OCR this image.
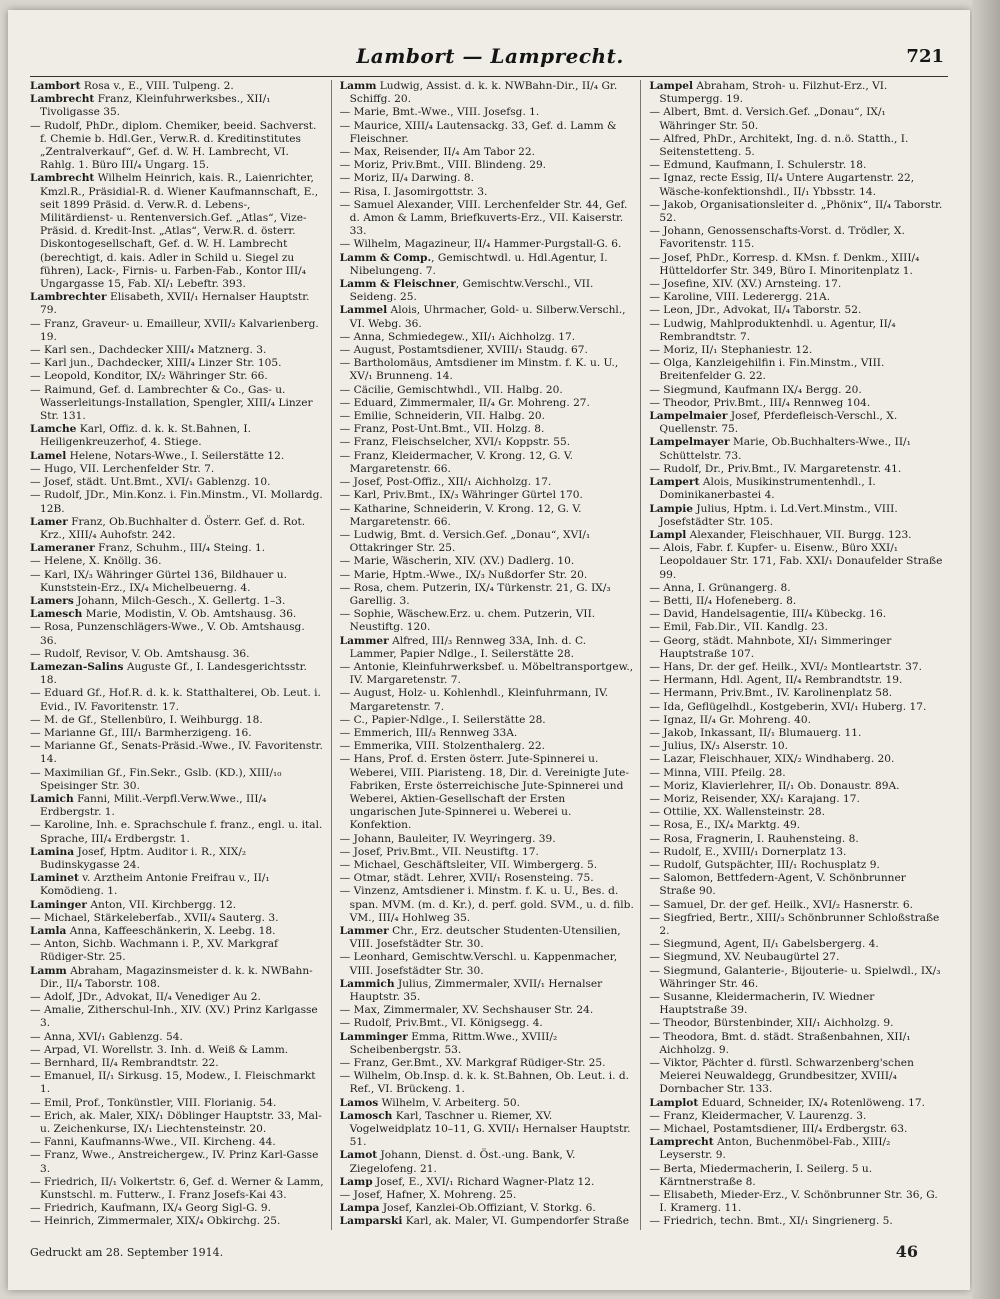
Lambort — Lamprecht.	721

Lambort Rosa v., E., VIII. Tulpeng. 2.

Lambrecht Franz, Kleinfuhrwerksbes., XII/₁ Tivoligasse 35.

— Rudolf, PhDr., diplom. Chemiker, beeid. Sachverst. f. Chemie b. Hdl.Ger., Verw.R. d. Kreditinstitutes „Zentralverkauf“, Gef. d. W. H. Lambrecht, VI. Rahlg. 1. Büro III/₄ Ungarg. 15.

Lambrecht Wilhelm Heinrich, kais. R., Laienrichter, Kmzl.R., Präsidial-R. d. Wiener Kaufmannschaft, E., seit 1899 Präsid. d. Verw.R. d. Lebens-, Militärdienst- u. Rentenversich.Gef. „Atlas“, Vize-Präsid. d. Kredit-Inst. „Atlas“, Verw.R. d. österr. Diskontogesellschaft, Gef. d. W. H. Lambrecht (berechtigt, d. kais. Adler in Schild u. Siegel zu führen), Lack-, Firnis- u. Farben-Fab., Kontor III/₄ Ungargasse 15, Fab. XI/₁ Lebeftr. 393.

Lambrechter Elisabeth, XVII/₁ Hernalser Hauptstr. 79.

— Franz, Graveur- u. Emailleur, XVII/₂ Kalvarienberg. 19.

— Karl sen., Dachdecker XIII/₄ Matznerg. 3.

— Karl jun., Dachdecker, XIII/₄ Linzer Str. 105.

— Leopold, Konditor, IX/₂ Währinger Str. 66.

— Raimund, Gef. d. Lambrechter & Co., Gas- u. Wasserleitungs-Installation, Spengler, XIII/₄ Linzer Str. 131.

Lamche Karl, Offiz. d. k. k. St.Bahnen, I. Heiligenkreuzerhof, 4. Stiege.

Lamel Helene, Notars-Wwe., I. Seilerstätte 12.

— Hugo, VII. Lerchenfelder Str. 7.

— Josef, städt. Unt.Bmt., XVI/₁ Gablenzg. 10.

— Rudolf, JDr., Min.Konz. i. Fin.Minstm., VI. Mollardg. 12B.

Lamer Franz, Ob.Buchhalter d. Österr. Gef. d. Rot. Krz., XIII/₄ Auhofstr. 242.

Lameraner Franz, Schuhm., III/₄ Steing. 1.

— Helene, X. Knöllg. 36.

— Karl, IX/₃ Währinger Gürtel 136, Bildhauer u. Kunststein-Erz., IX/₄ Michelbeuerng. 4.

Lamers Johann, Milch-Gesch., X. Gellertg. 1–3.

Lamesch Marie, Modistin, V. Ob. Amtshausg. 36.

— Rosa, Punzenschlägers-Wwe., V. Ob. Amtshausg. 36.

— Rudolf, Revisor, V. Ob. Amtshausg. 36.

Lamezan-Salins Auguste Gf., I. Landesgerichtsstr. 18.

— Eduard Gf., Hof.R. d. k. k. Statthalterei, Ob. Leut. i. Evid., IV. Favoritenstr. 17.

— M. de Gf., Stellenbüro, I. Weihburgg. 18.

— Marianne Gf., III/₁ Barmherzigeng. 16.

— Marianne Gf., Senats-Präsid.-Wwe., IV. Favoritenstr. 14.

— Maximilian Gf., Fin.Sekr., Gslb. (KD.), XIII/₁₀ Speisinger Str. 30.

Lamich Fanni, Milit.-Verpfl.Verw.Wwe., III/₄ Erdbergstr. 1.

— Karoline, Inh. e. Sprachschule f. franz., engl. u. ital. Sprache, III/₄ Erdbergstr. 1.

Lamina Josef, Hptm. Auditor i. R., XIX/₂ Budinskygasse 24.

Laminet v. Arztheim Antonie Freifrau v., II/₁ Komödieng. 1.

Laminger Anton, VII. Kirchbergg. 12.

— Michael, Stärkeleberfab., XVII/₄ Sauterg. 3.

Lamla Anna, Kaffeeschänkerin, X. Leebg. 18.

— Anton, Sichb. Wachmann i. P., XV. Markgraf Rüdiger-Str. 25.

Lamm Abraham, Magazinsmeister d. k. k. NWBahn-Dir., II/₄ Taborstr. 108.

— Adolf, JDr., Advokat, II/₄ Venediger Au 2.

— Amalie, Zitherschul-Inh., XIV. (XV.) Prinz Karlgasse 3.

— Anna, XVI/₁ Gablenzg. 54.

— Arpad, VI. Worellstr. 3. Inh. d. Weiß & Lamm.

— Bernhard, II/₄ Rembrandtstr. 22.

— Emanuel, II/₁ Sirkusg. 15, Modew., I. Fleischmarkt 1.

— Emil, Prof., Tonkünstler, VIII. Florianig. 54.

— Erich, ak. Maler, XIX/₁ Döblinger Hauptstr. 33, Mal- u. Zeichenkurse, IX/₁ Liechtensteinstr. 20.

— Fanni, Kaufmanns-Wwe., VII. Kircheng. 44.

— Franz, Wwe., Anstreichergew., IV. Prinz Karl-Gasse 3.

— Friedrich, II/₁ Volkertstr. 6, Gef. d. Werner & Lamm, Kunstschl. m. Futterw., I. Franz Josefs-Kai 43.

— Friedrich, Kaufmann, IX/₄ Georg Sigl-G. 9.

— Heinrich, Zimmermaler, XIX/₄ Obkirchg. 25.

Lamm Ludwig, Assist. d. k. k. NWBahn-Dir., II/₄ Gr. Schiffg. 20.

— Marie, Bmt.-Wwe., VIII. Josefsg. 1.

— Maurice, XIII/₄ Lautensackg. 33, Gef. d. Lamm & Fleischner.

— Max, Reisender, II/₄ Am Tabor 22.

— Moriz, Priv.Bmt., VIII. Blindeng. 29.

— Moriz, II/₄ Darwing. 8.

— Risa, I. Jasomirgottstr. 3.

— Samuel Alexander, VIII. Lerchenfelder Str. 44, Gef. d. Amon & Lamm, Briefkuverts-Erz., VII. Kaiserstr. 33.

— Wilhelm, Magazineur, II/₄ Hammer-Purgstall-G. 6.

Lamm & Comp., Gemischtwdl. u. Hdl.Agentur, I. Nibelungeng. 7.

Lamm & Fleischner, Gemischtw.Verschl., VII. Seideng. 25.

Lammel Alois, Uhrmacher, Gold- u. Silberw.Verschl., VI. Webg. 36.

— Anna, Schmiedegew., XII/₁ Aichholzg. 17.

— August, Postamtsdiener, XVIII/₁ Staudg. 67.

— Bartholomäus, Amtsdiener im Minstm. f. K. u. U., XV/₁ Brunneng. 14.

— Cäcilie, Gemischtwhdl., VII. Halbg. 20.

— Eduard, Zimmermaler, II/₄ Gr. Mohreng. 27.

— Emilie, Schneiderin, VII. Halbg. 20.

— Franz, Post-Unt.Bmt., VII. Holzg. 8.

— Franz, Fleischselcher, XVI/₁ Koppstr. 55.

— Franz, Kleidermacher, V. Krong. 12, G. V. Margaretenstr. 66.

— Josef, Post-Offiz., XII/₁ Aichholzg. 17.

— Karl, Priv.Bmt., IX/₃ Währinger Gürtel 170.

— Katharine, Schneiderin, V. Krong. 12, G. V. Margaretenstr. 66.

— Ludwig, Bmt. d. Versich.Gef. „Donau“, XVI/₁ Ottakringer Str. 25.

— Marie, Wäscherin, XIV. (XV.) Dadlerg. 10.

— Marie, Hptm.-Wwe., IX/₃ Nußdorfer Str. 20.

— Rosa, chem. Putzerin, IX/₄ Türkenstr. 21, G. IX/₃ Garellig. 3.

— Sophie, Wäschew.Erz. u. chem. Putzerin, VII. Neustiftg. 120.

Lammer Alfred, III/₃ Rennweg 33A, Inh. d. C. Lammer, Papier Ndlge., I. Seilerstätte 28.

— Antonie, Kleinfuhrwerksbef. u. Möbeltransportgew., IV. Margaretenstr. 7.

— August, Holz- u. Kohlenhdl., Kleinfuhrmann, IV. Margaretenstr. 7.

— C., Papier-Ndlge., I. Seilerstätte 28.

— Emmerich, III/₃ Rennweg 33A.

— Emmerika, VIII. Stolzenthalerg. 22.

— Hans, Prof. d. Ersten österr. Jute-Spinnerei u. Weberei, VIII. Piaristeng. 18, Dir. d. Vereinigte Jute-Fabriken, Erste österreichische Jute-Spinnerei und Weberei, Aktien-Gesellschaft der Ersten ungarischen Jute-Spinnerei u. Weberei u. Konfektion.

— Johann, Bauleiter, IV. Weyringerg. 39.

— Josef, Priv.Bmt., VII. Neustiftg. 17.

— Michael, Geschäftsleiter, VII. Wimbergerg. 5.

— Otmar, städt. Lehrer, XVII/₁ Rosensteing. 75.

— Vinzenz, Amtsdiener i. Minstm. f. K. u. U., Bes. d. span. MVM. (m. d. Kr.), d. perf. gold. SVM., u. d. filb. VM., III/₄ Hohlweg 35.

Lammer Chr., Erz. deutscher Studenten-Utensilien, VIII. Josefstädter Str. 30.

— Leonhard, Gemischtw.Verschl. u. Kappenmacher, VIII. Josefstädter Str. 30.

Lammich Julius, Zimmermaler, XVII/₁ Hernalser Hauptstr. 35.

— Max, Zimmermaler, XV. Sechshauser Str. 24.

— Rudolf, Priv.Bmt., VI. Königsegg. 4.

Lamminger Emma, Rittm.Wwe., XVIII/₂ Scheibenbergstr. 53.

— Franz, Ger.Bmt., XV. Markgraf Rüdiger-Str. 25.

— Wilhelm, Ob.Insp. d. k. k. St.Bahnen, Ob. Leut. i. d. Ref., VI. Brückeng. 1.

Lamos Wilhelm, V. Arbeiterg. 50.

Lamosch Karl, Taschner u. Riemer, XV. Vogelweidplatz 10–11, G. XVII/₁ Hernalser Hauptstr. 51.

Lamot Johann, Dienst. d. Öst.-ung. Bank, V. Ziegelofeng. 21.

Lamp Josef, E., XVI/₁ Richard Wagner-Platz 12.

— Josef, Hafner, X. Mohreng. 25.

Lampa Josef, Kanzlei-Ob.Offiziant, V. Storkg. 6.

Lamparski Karl, ak. Maler, VI. Gumpendorfer Straße

Lampel Abraham, Stroh- u. Filzhut-Erz., VI. Stumpergg. 19.

— Albert, Bmt. d. Versich.Gef. „Donau“, IX/₁ Währinger Str. 50.

— Alfred, PhDr., Architekt, Ing. d. n.ö. Statth., I. Seitenstetteng. 5.

— Edmund, Kaufmann, I. Schulerstr. 18.

— Ignaz, recte Essig, II/₄ Untere Augartenstr. 22, Wäsche-konfektionshdl., II/₁ Ybbsstr. 14.

— Jakob, Organisationsleiter d. „Phönix“, II/₄ Taborstr. 52.

— Johann, Genossenschafts-Vorst. d. Trödler, X. Favoritenstr. 115.

— Josef, PhDr., Korresp. d. KMsn. f. Denkm., XIII/₄ Hütteldorfer Str. 349, Büro I. Minoritenplatz 1.

— Josefine, XIV. (XV.) Arnsteing. 17.

— Karoline, VIII. Lederergg. 21A.

— Leon, JDr., Advokat, II/₄ Taborstr. 52.

— Ludwig, Mahlproduktenhdl. u. Agentur, II/₄ Rembrandtstr. 7.

— Moriz, II/₁ Stephaniestr. 12.

— Olga, Kanzleigehilfin i. Fin.Minstm., VIII. Breitenfelder G. 22.

— Siegmund, Kaufmann IX/₄ Bergg. 20.

— Theodor, Priv.Bmt., III/₄ Rennweg 104.

Lampelmaier Josef, Pferdefleisch-Verschl., X. Quellenstr. 75.

Lampelmayer Marie, Ob.Buchhalters-Wwe., II/₁ Schüttelstr. 73.

— Rudolf, Dr., Priv.Bmt., IV. Margaretenstr. 41.

Lampert Alois, Musikinstrumentenhdl., I. Dominikanerbastei 4.

Lampie Julius, Hptm. i. Ld.Vert.Minstm., VIII. Josefstädter Str. 105.

Lampl Alexander, Fleischhauer, VII. Burgg. 123.

— Alois, Fabr. f. Kupfer- u. Eisenw., Büro XXI/₁ Leopoldauer Str. 171, Fab. XXI/₁ Donaufelder Straße 99.

— Anna, I. Grünangerg. 8.

— Betti, II/₄ Hofeneberg. 8.

— David, Handelsagentie, III/₄ Kübeckg. 16.

— Emil, Fab.Dir., VII. Kandlg. 23.

— Georg, städt. Mahnbote, XI/₁ Simmeringer Hauptstraße 107.

— Hans, Dr. der gef. Heilk., XVI/₂ Montleartstr. 37.

— Hermann, Hdl. Agent, II/₄ Rembrandtstr. 19.

— Hermann, Priv.Bmt., IV. Karolinenplatz 58.

— Ida, Geflügelhdl., Kostgeberin, XVI/₁ Huberg. 17.

— Ignaz, II/₄ Gr. Mohreng. 40.

— Jakob, Inkassant, II/₁ Blumauerg. 11.

— Julius, IX/₃ Alserstr. 10.

— Lazar, Fleischhauer, XIX/₂ Windhaberg. 20.

— Minna, VIII. Pfeilg. 28.

— Moriz, Klavierlehrer, II/₁ Ob. Donaustr. 89A.

— Moriz, Reisender, XX/₁ Karajang. 17.

— Ottilie, XX. Wallensteinstr. 28.

— Rosa, E., IX/₄ Marktg. 49.

— Rosa, Fragnerin, I. Rauhensteing. 8.

— Rudolf, E., XVIII/₁ Dornerplatz 13.

— Rudolf, Gutspächter, III/₁ Rochusplatz 9.

— Salomon, Bettfedern-Agent, V. Schönbrunner Straße 90.

— Samuel, Dr. der gef. Heilk., XVI/₂ Hasnerstr. 6.

— Siegfried, Bertr., XIII/₃ Schönbrunner Schloßstraße 2.

— Siegmund, Agent, II/₁ Gabelsbergerg. 4.

— Siegmund, XV. Neubaugürtel 27.

— Siegmund, Galanterie-, Bijouterie- u. Spielwdl., IX/₃ Währinger Str. 46.

— Susanne, Kleidermacherin, IV. Wiedner Hauptstraße 39.

— Theodor, Bürstenbinder, XII/₁ Aichholzg. 9.

— Theodora, Bmt. d. städt. Straßenbahnen, XII/₁ Aichholzg. 9.

— Viktor, Pächter d. fürstl. Schwarzenberg'schen Meierei Neuwaldegg, Grundbesitzer, XVIII/₄ Dornbacher Str. 133.

Lamplot Eduard, Schneider, IX/₄ Rotenlöweng. 17.

— Franz, Kleidermacher, V. Laurenzg. 3.

— Michael, Postamtsdiener, III/₄ Erdbergstr. 63.

Lamprecht Anton, Buchenmöbel-Fab., XIII/₂ Leyserstr. 9.

— Berta, Miedermacherin, I. Seilerg. 5 u. Kärntnerstraße 8.

— Elisabeth, Mieder-Erz., V. Schönbrunner Str. 36, G. I. Kramerg. 11.

— Friedrich, techn. Bmt., XI/₁ Singrienerg. 5.

Gedruckt am 28. September 1914.	46
